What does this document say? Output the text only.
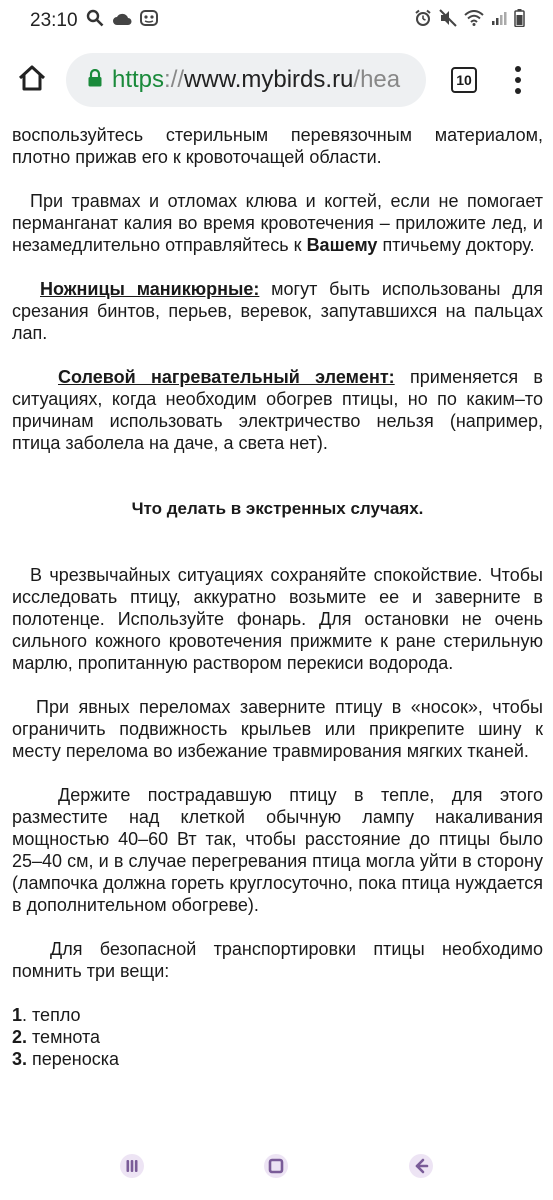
23:10
https :// www.mybirds.ru /hea	10

воспользуйтесь стерильным перевязочным материалом, плотно прижав его к кровоточащей области.

При травмах и отломах клюва и когтей, если не помогает перманганат калия во время кровотечения – приложите лед, и незамедлительно отправляйтесь к Вашему птичьему доктору.

Ножницы маникюрные: могут быть использованы для срезания бинтов, перьев, веревок, запутавшихся на пальцах лап.

Солевой нагревательный элемент: применяется в ситуациях, когда необходим обогрев птицы, но по каким–то причинам использовать электричество нельзя (например, птица заболела на даче, а света нет).

Что делать в экстренных случаях.

В чрезвычайных ситуациях сохраняйте спокойствие. Чтобы исследовать птицу, аккуратно возьмите ее и заверните в полотенце. Используйте фонарь. Для остановки не очень сильного кожного кровотечения прижмите к ране стерильную марлю, пропитанную раствором перекиси водорода.

При явных переломах заверните птицу в «носок», чтобы ограничить подвижность крыльев или прикрепите шину к месту перелома во избежание травмирования мягких тканей.

Держите пострадавшую птицу в тепле, для этого разместите над клеткой обычную лампу накаливания мощностью 40–60 Вт так, чтобы расстояние до птицы было 25–40 см, и в случае перегревания птица могла уйти в сторону (лампочка должна гореть круглосуточно, пока птица нуждается в дополнительном обогреве).

Для безопасной транспортировки птицы необходимо помнить три вещи:

1. тепло

2. темнота

3. переноска
